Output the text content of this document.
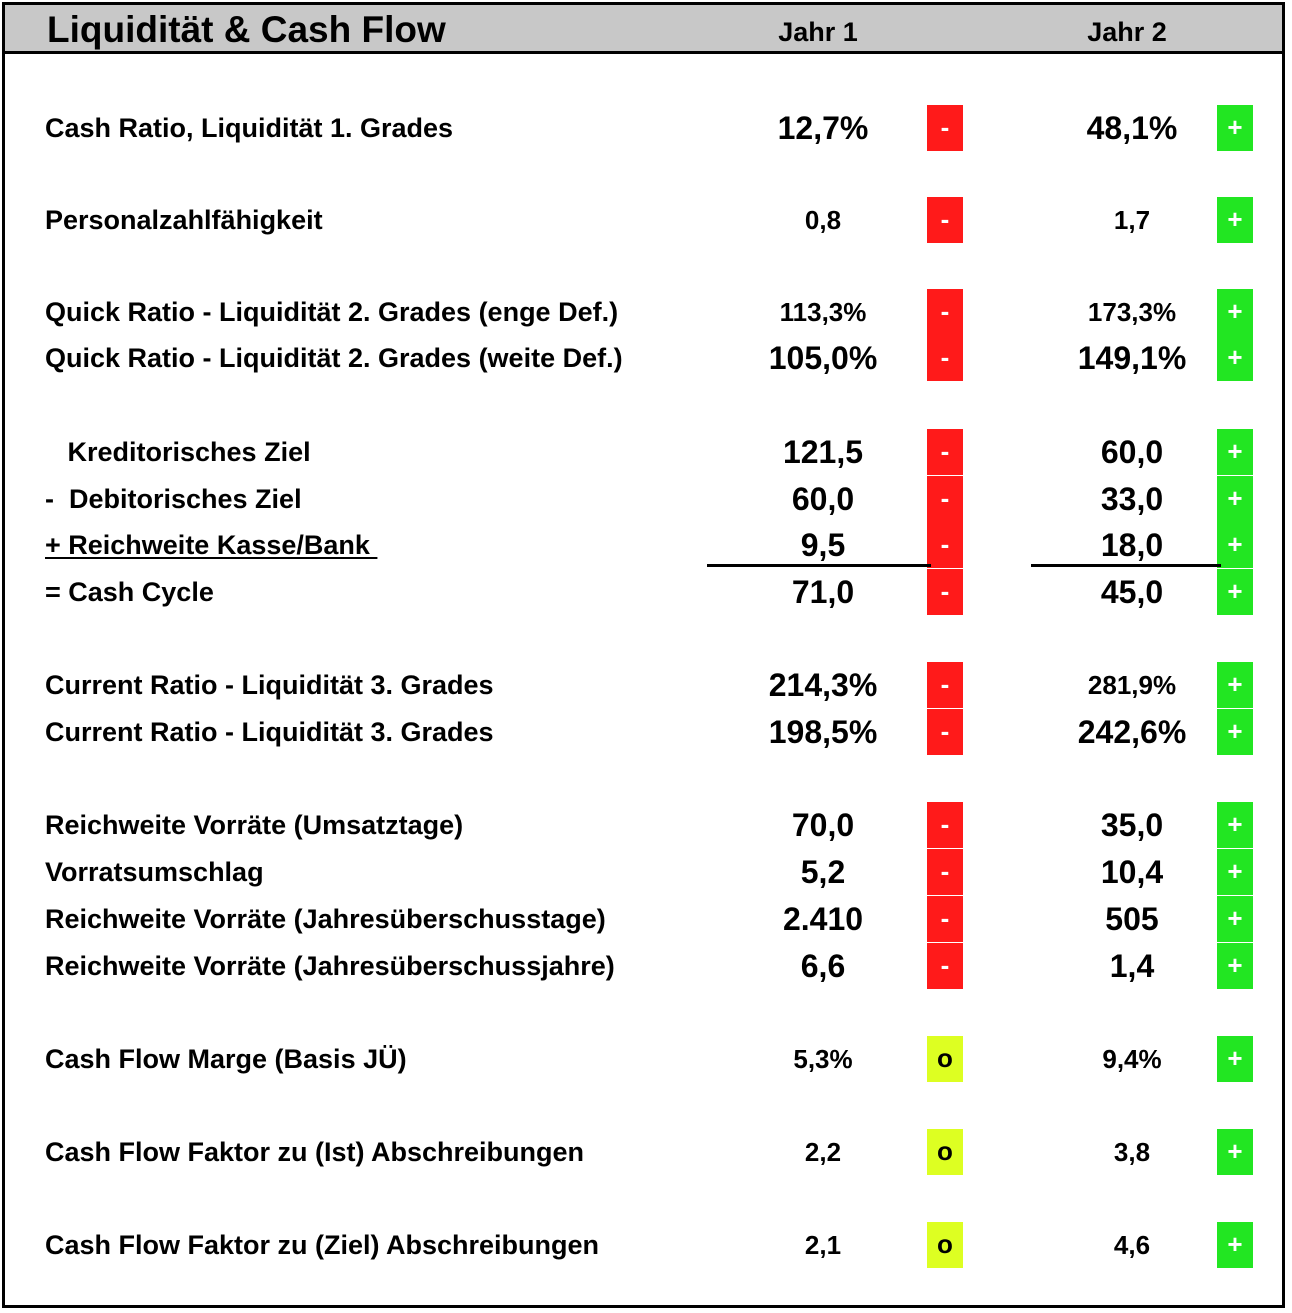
Liquidität & Cash Flow	Jahr 1	Jahr 2
Cash Ratio, Liquidität 1. Grades	12,7%	-	48,1%	+
Personalzahlfähigkeit	0,8	-	1,7	+
Quick Ratio - Liquidität 2. Grades (enge Def.)	113,3%	-	173,3%	+
Quick Ratio - Liquidität 2. Grades (weite Def.)	105,0%	-	149,1%	+
Kreditorisches Ziel	121,5	-	60,0	+
-  Debitorisches Ziel	60,0	-	33,0	+
+ Reichweite Kasse/Bank	9,5	-	18,0	+
= Cash Cycle	71,0	-	45,0	+
Current Ratio - Liquidität 3. Grades	214,3%	-	281,9%	+
Current Ratio - Liquidität 3. Grades	198,5%	-	242,6%	+
Reichweite Vorräte (Umsatztage)	70,0	-	35,0	+
Vorratsumschlag	5,2	-	10,4	+
Reichweite Vorräte (Jahresüberschusstage)	2.410	-	505	+
Reichweite Vorräte (Jahresüberschussjahre)	6,6	-	1,4	+
Cash Flow Marge (Basis JÜ)	5,3%	o	9,4%	+
Cash Flow Faktor zu (Ist) Abschreibungen	2,2	o	3,8	+
Cash Flow Faktor zu (Ziel) Abschreibungen	2,1	o	4,6	+
